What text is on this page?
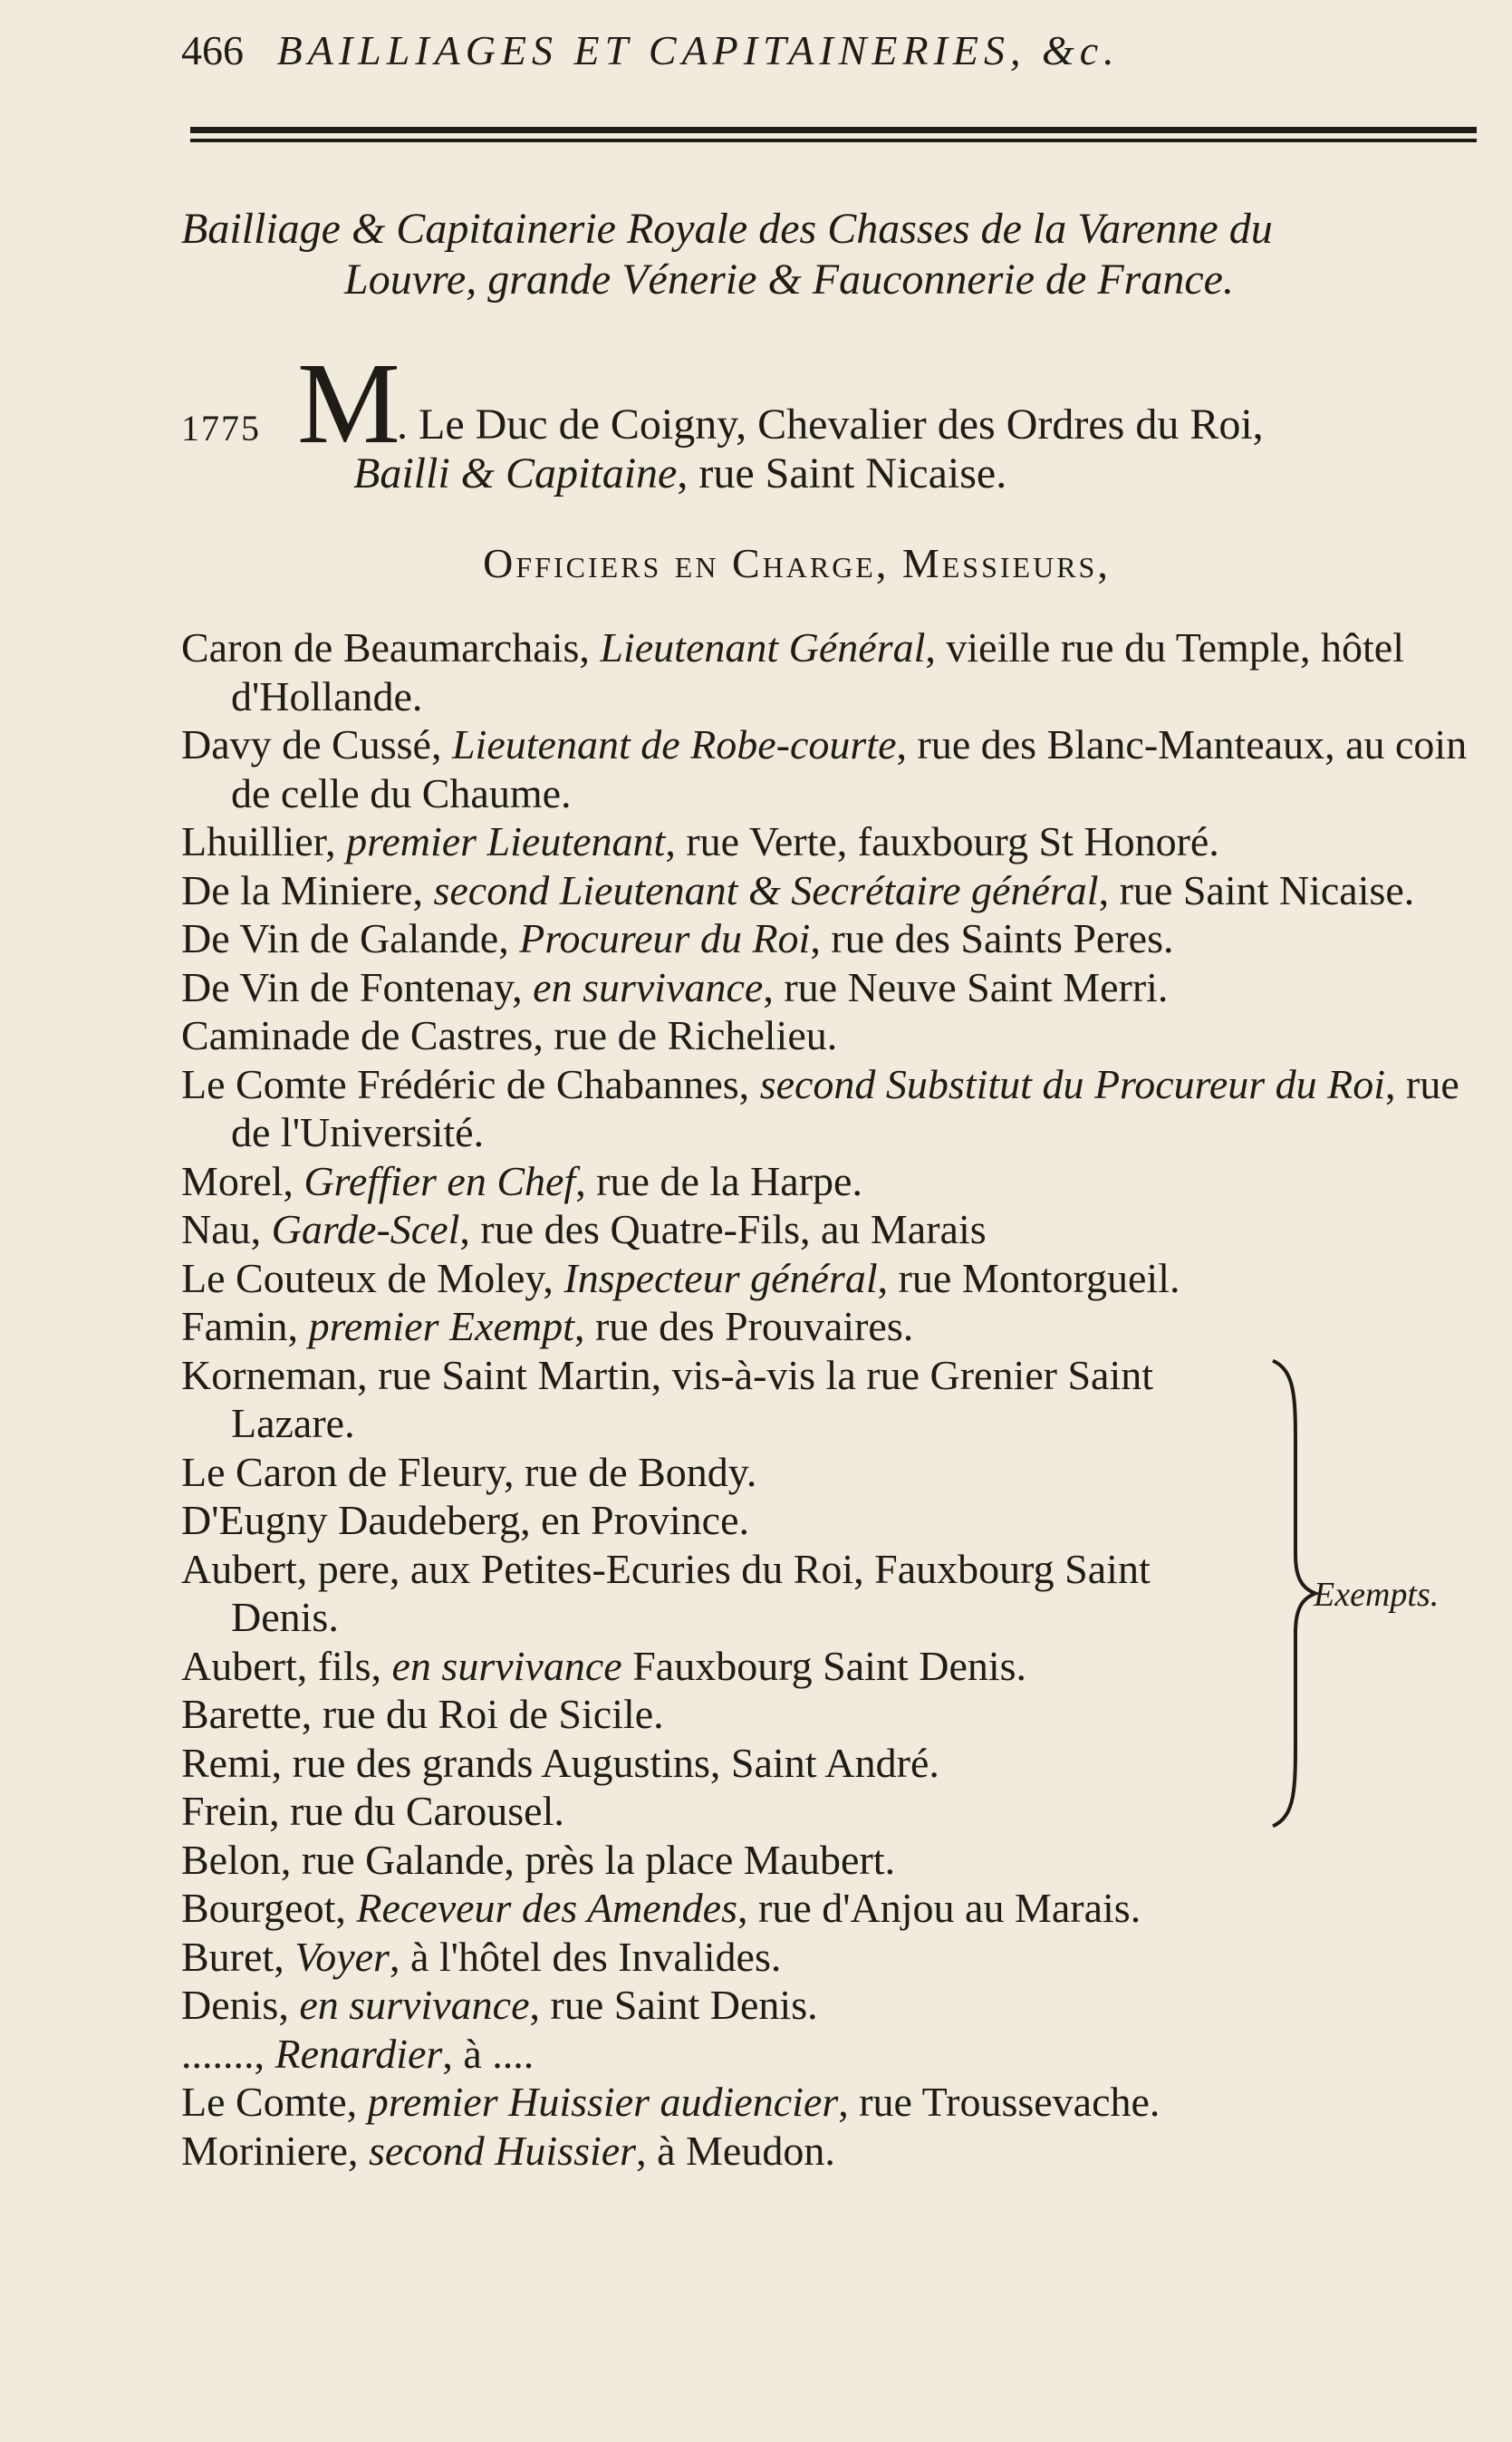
466 BAILLIAGES ET CAPITAINERIES, &c.
Bailliage & Capitainerie Royale des Chasses de la Varenne du
Louvre, grande Vénerie & Fauconnerie de France.
1775 M
. Le Duc de Coigny, Chevalier des Ordres du Roi,
Bailli & Capitaine, rue Saint Nicaise.
Officiers en Charge, Messieurs,
Caron de Beaumarchais, Lieutenant Général, vieille rue du Temple, hôtel d'Hollande.
Davy de Cussé, Lieutenant de Robe-courte, rue des Blanc-Manteaux, au coin de celle du Chaume.
Lhuillier, premier Lieutenant, rue Verte, fauxbourg St Honoré.
De la Miniere, second Lieutenant & Secrétaire général, rue Saint Nicaise.
De Vin de Galande, Procureur du Roi, rue des Saints Peres.
De Vin de Fontenay, en survivance, rue Neuve Saint Merri.
Caminade de Castres, rue de Richelieu.
Le Comte Frédéric de Chabannes, second Substitut du Procureur du Roi, rue de l'Université.
Morel, Greffier en Chef, rue de la Harpe.
Nau, Garde-Scel, rue des Quatre-Fils, au Marais
Le Couteux de Moley, Inspecteur général, rue Montorgueil.
Famin, premier Exempt, rue des Prouvaires.
Korneman, rue Saint Martin, vis-à-vis la rue Grenier Saint Lazare.
Le Caron de Fleury, rue de Bondy.
D'Eugny Daudeberg, en Province.
Aubert, pere, aux Petites-Ecuries du Roi, Fauxbourg Saint Denis.
Aubert, fils, en survivance Fauxbourg Saint Denis.
Barette, rue du Roi de Sicile.
Remi, rue des grands Augustins, Saint André.
Frein, rue du Carousel.
Exempts.
Belon, rue Galande, près la place Maubert.
Bourgeot, Receveur des Amendes, rue d'Anjou au Marais.
Buret, Voyer, à l'hôtel des Invalides.
Denis, en survivance, rue Saint Denis.
......., Renardier, à ....
Le Comte, premier Huissier audiencier, rue Troussevache.
Moriniere, second Huissier, à Meudon.
